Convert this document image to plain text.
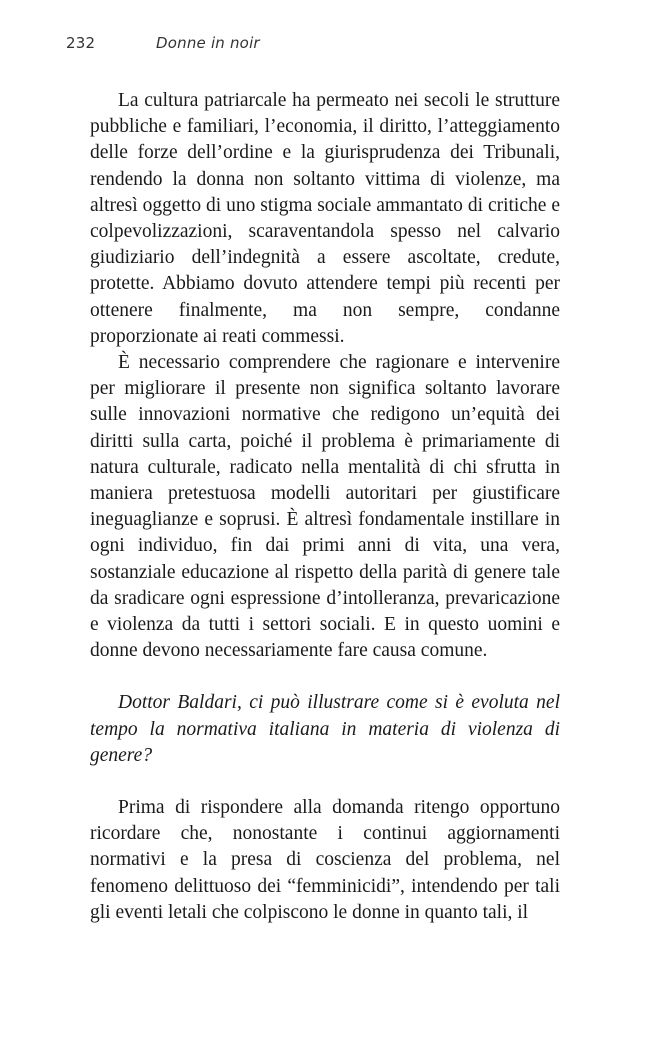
232	Donne in noir

La cultura patriarcale ha permeato nei secoli le strutture pubbliche e familiari, l’economia, il diritto, l’atteggiamento delle forze dell’ordine e la giurisprudenza dei Tribunali, rendendo la donna non soltanto vittima di violenze, ma altresì oggetto di uno stigma sociale ammantato di critiche e colpevolizzazioni, scaraventandola spesso nel calvario giudiziario dell’indegnità a essere ascoltate, credute, protette. Abbiamo dovuto attendere tempi più recenti per ottenere finalmente, ma non sempre, condanne proporzionate ai reati commessi.

È necessario comprendere che ragionare e intervenire per migliorare il presente non significa soltanto lavorare sulle innovazioni normative che redigono un’equità dei diritti sulla carta, poiché il problema è primariamente di natura culturale, radicato nella mentalità di chi sfrutta in maniera pretestuosa modelli autoritari per giustificare ineguaglianze e soprusi. È altresì fondamentale instillare in ogni individuo, fin dai primi anni di vita, una vera, sostanziale educazione al rispetto della parità di genere tale da sradicare ogni espressione d’intolleranza, prevaricazione e violenza da tutti i settori sociali. E in questo uomini e donne devono necessariamente fare causa comune.

Dottor Baldari, ci può illustrare come si è evoluta nel tempo la normativa italiana in materia di violenza di genere?

Prima di rispondere alla domanda ritengo opportuno ricordare che, nonostante i continui aggiornamenti normativi e la presa di coscienza del problema, nel fenomeno delittuoso dei “femminicidi”, intendendo per tali gli eventi letali che colpiscono le donne in quanto tali, il
